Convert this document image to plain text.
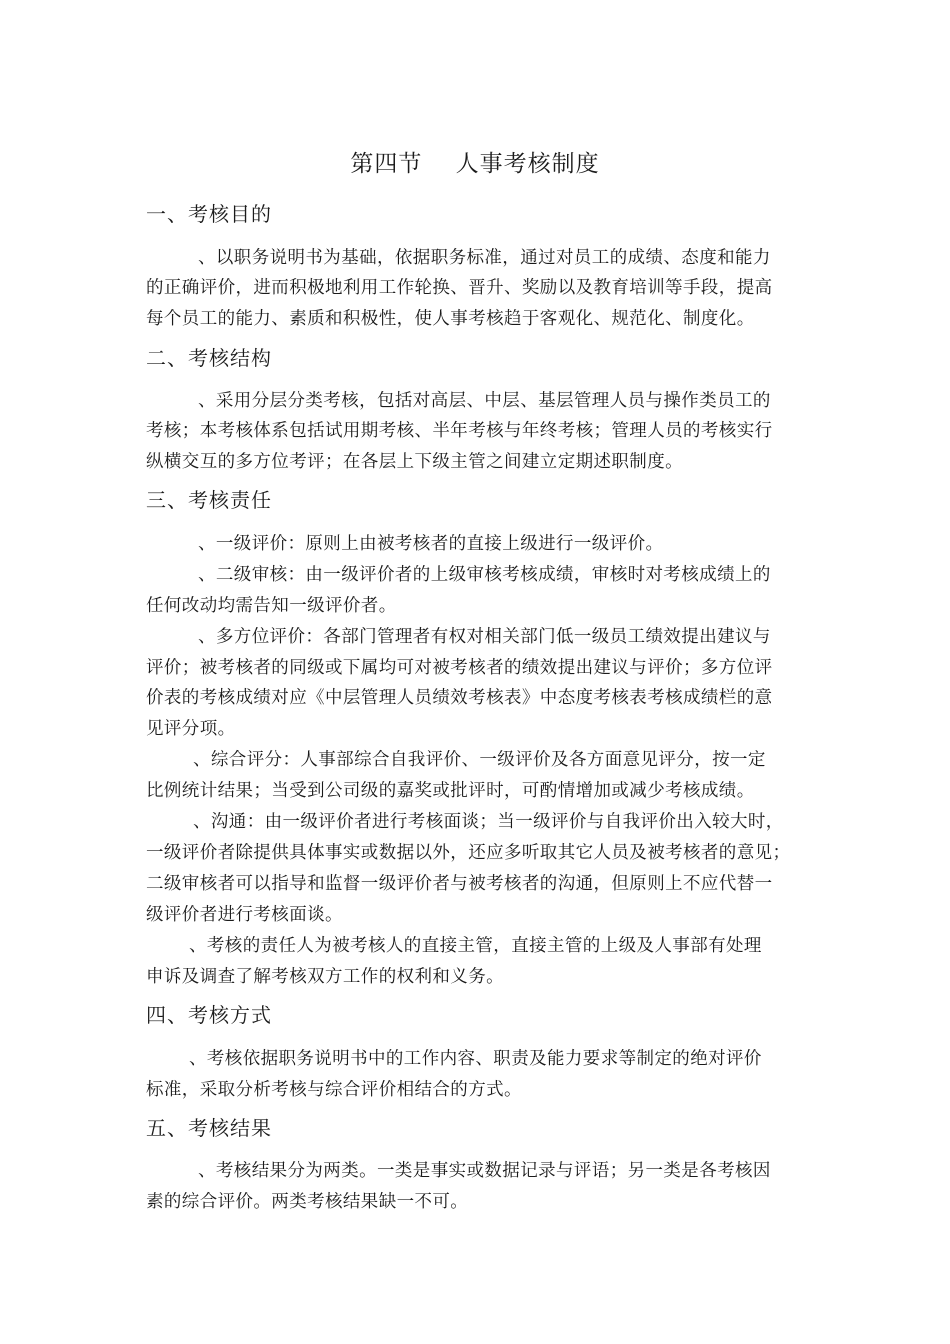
第四节    人事考核制度
一、考核目的
、以职务说明书为基础，依据职务标准，通过对员工的成绩、态度和能力
的正确评价，进而积极地利用工作轮换、晋升、奖励以及教育培训等手段，提高
每个员工的能力、素质和积极性，使人事考核趋于客观化、规范化、制度化。
二、考核结构
、采用分层分类考核，包括对高层、中层、基层管理人员与操作类员工的
考核；本考核体系包括试用期考核、半年考核与年终考核；管理人员的考核实行
纵横交互的多方位考评；在各层上下级主管之间建立定期述职制度。
三、考核责任
、一级评价：原则上由被考核者的直接上级进行一级评价。
、二级审核：由一级评价者的上级审核考核成绩，审核时对考核成绩上的
任何改动均需告知一级评价者。
、多方位评价：各部门管理者有权对相关部门低一级员工绩效提出建议与
评价；被考核者的同级或下属均可对被考核者的绩效提出建议与评价；多方位评
价表的考核成绩对应《中层管理人员绩效考核表》中态度考核表考核成绩栏的意
见评分项。
、综合评分：人事部综合自我评价、一级评价及各方面意见评分，按一定
比例统计结果；当受到公司级的嘉奖或批评时，可酌情增加或减少考核成绩。
、沟通：由一级评价者进行考核面谈；当一级评价与自我评价出入较大时，
一级评价者除提供具体事实或数据以外，还应多听取其它人员及被考核者的意见；
二级审核者可以指导和监督一级评价者与被考核者的沟通，但原则上不应代替一
级评价者进行考核面谈。
、考核的责任人为被考核人的直接主管，直接主管的上级及人事部有处理
申诉及调查了解考核双方工作的权利和义务。
四、考核方式
、考核依据职务说明书中的工作内容、职责及能力要求等制定的绝对评价
标准，采取分析考核与综合评价相结合的方式。
五、考核结果
、考核结果分为两类。一类是事实或数据记录与评语；另一类是各考核因
素的综合评价。两类考核结果缺一不可。
